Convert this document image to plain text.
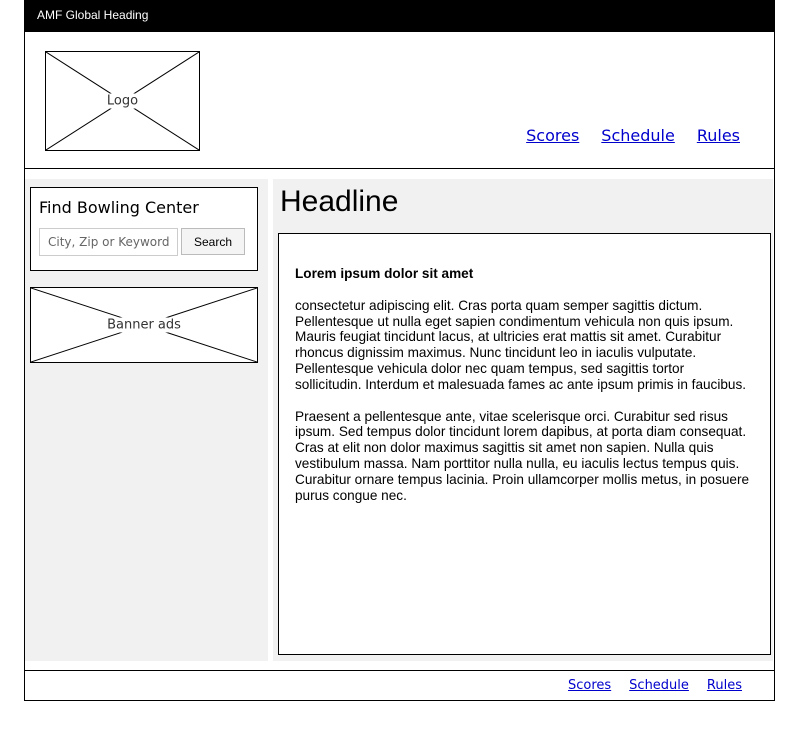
AMF Global Heading
Logo
Scores Schedule Rules
Find Bowling Center
City, Zip or Keyword
Search
Banner ads
Headline
Lorem ipsum dolor sit amet

consectetur adipiscing elit. Cras porta quam semper sagittis dictum. Pellentesque ut nulla eget sapien condimentum vehicula non quis ipsum. Mauris feugiat tincidunt lacus, at ultricies erat mattis sit amet. Curabitur rhoncus dignissim maximus. Nunc tincidunt leo in iaculis vulputate. Pellentesque vehicula dolor nec quam tempus, sed sagittis tortor sollicitudin. Interdum et malesuada fames ac ante ipsum primis in faucibus.

Praesent a pellentesque ante, vitae scelerisque orci. Curabitur sed risus ipsum. Sed tempus dolor tincidunt lorem dapibus, at porta diam consequat. Cras at elit non dolor maximus sagittis sit amet non sapien. Nulla quis vestibulum massa. Nam porttitor nulla nulla, eu iaculis lectus tempus quis. Curabitur ornare tempus lacinia. Proin ullamcorper mollis metus, in posuere purus congue nec.

Scores Schedule Rules
